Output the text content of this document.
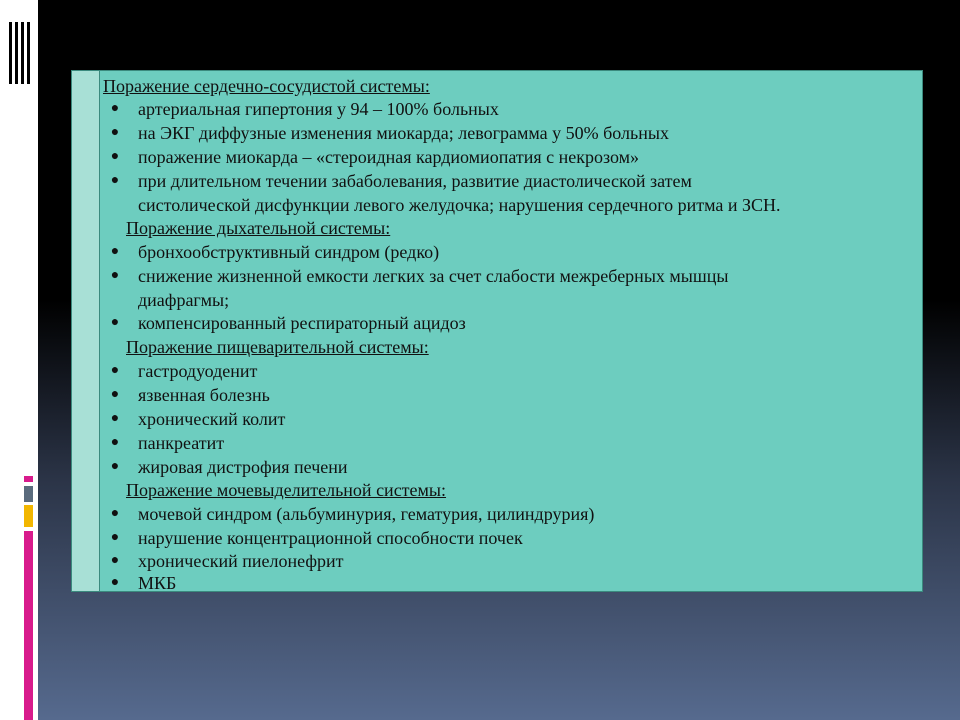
Поражение сердечно-сосудистой системы:
● артериальная гипертония у 94 – 100% больных
● на ЭКГ диффузные изменения миокарда; левограмма у 50% больных
● поражение миокарда – «стероидная кардиомиопатия с некрозом»
● при длительном течении забаболевания, развитие диастолической затем
систолической дисфункции левого желудочка; нарушения сердечного ритма и ЗСН.
Поражение дыхательной системы:
● бронхообструктивный синдром (редко)
● снижение жизненной емкости легких за счет слабости межреберных мышцы
диафрагмы;
● компенсированный респираторный ацидоз
Поражение пищеварительной системы:
● гастродуоденит
● язвенная болезнь
● хронический колит
● панкреатит
● жировая дистрофия печени
Поражение мочевыделительной системы:
● мочевой синдром (альбуминурия, гематурия, цилиндрурия)
● нарушение концентрационной способности почек
● хронический пиелонефрит
● МКБ
